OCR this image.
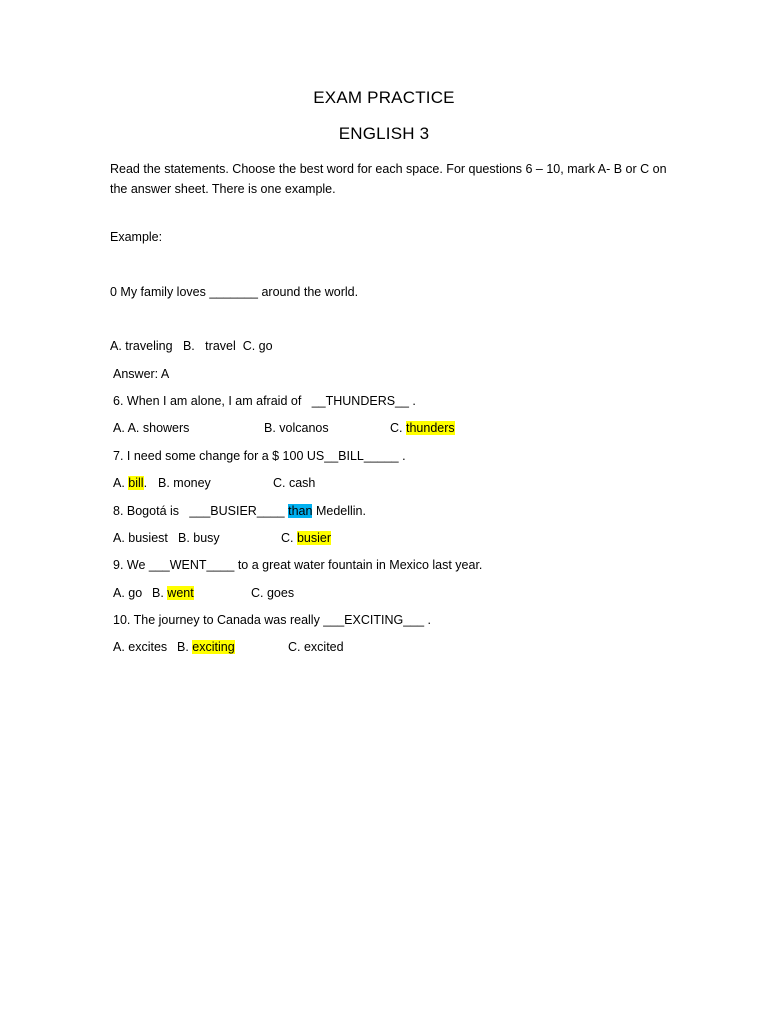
EXAM PRACTICE
ENGLISH 3

Read the statements. Choose the best word for each space. For questions 6 – 10, mark A- B or C on the answer sheet. There is one example.

Example:

0 My family loves _______ around the world.

A. traveling   B.   travel  C. go

Answer: A

6. When I am alone, I am afraid of   __THUNDERS__ .

A. A. showers	B. volcanos	C. thunders

7. I need some change for a $ 100 US__BILL_____ .

A. bill. B. money	C. cash

8. Bogotá is   ___BUSIER____ than Medellin.

A. busiest B. busy	C. busier

9. We ___WENT____ to a great water fountain in Mexico last year.

A. go B. went	C. goes

10. The journey to Canada was really ___EXCITING___ .

A. excites B. exciting	C. excited
